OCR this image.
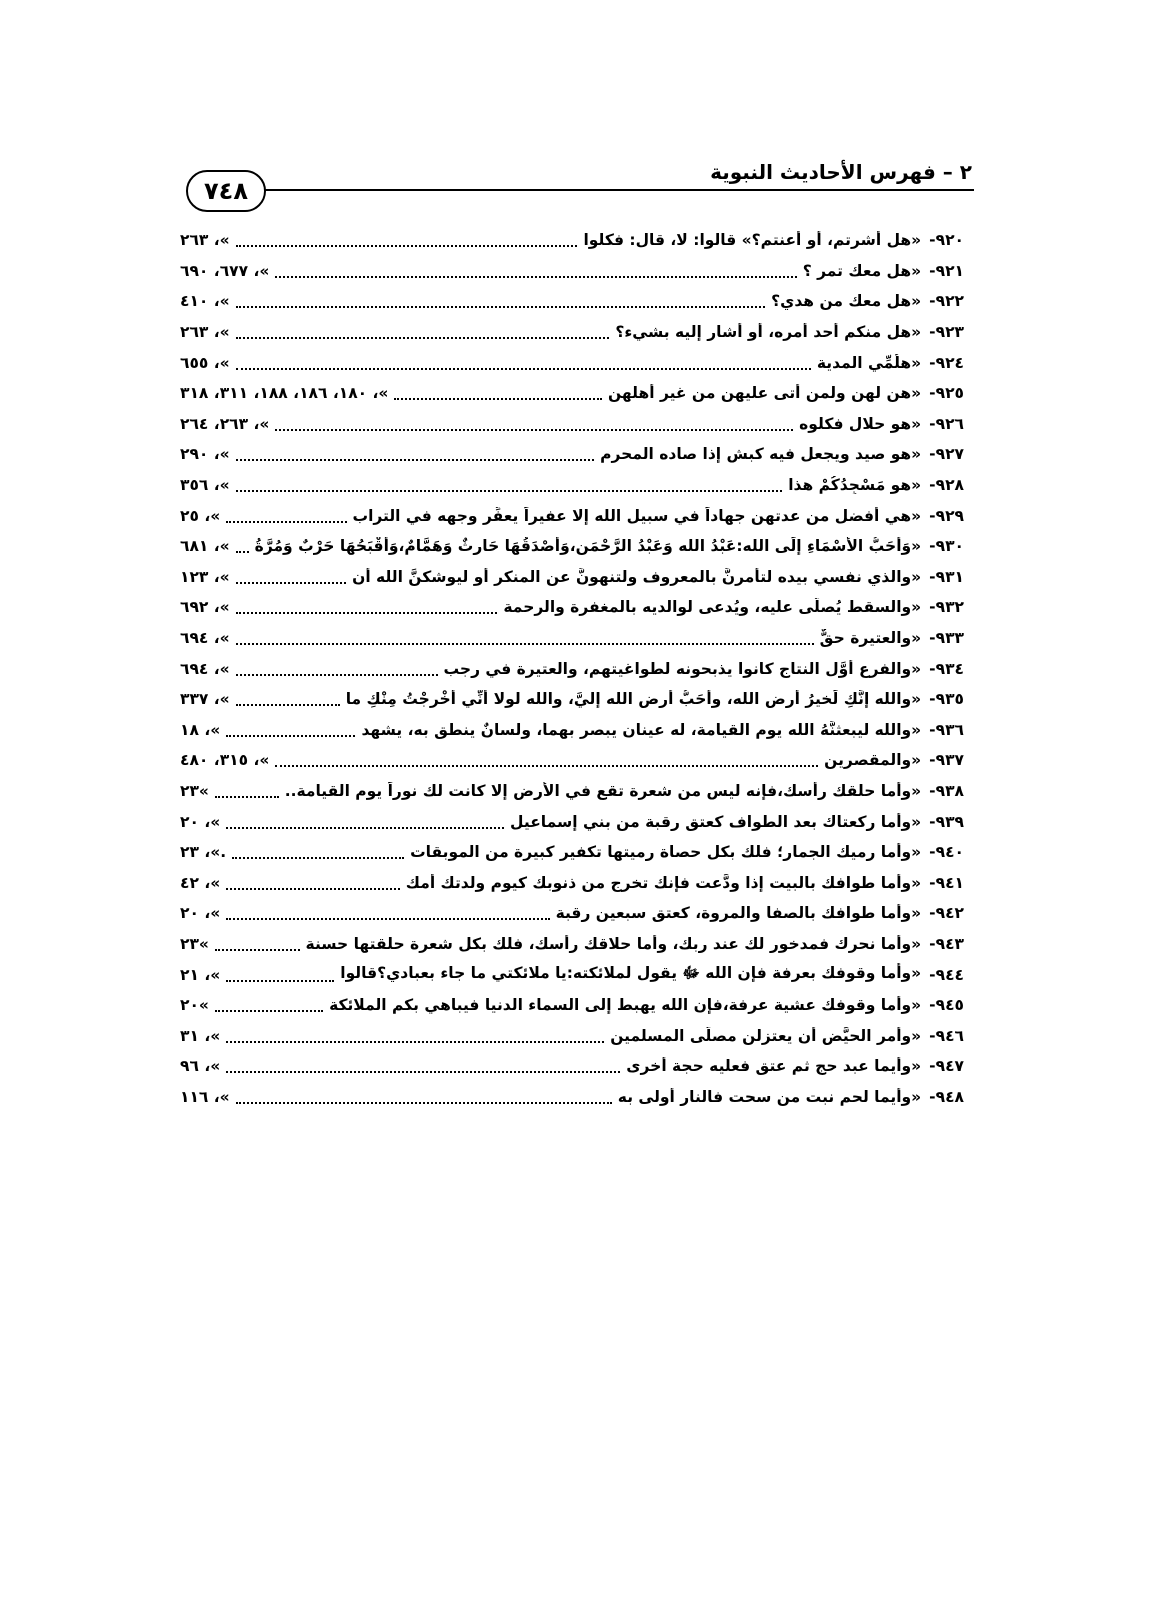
٢ – فهرس الأحاديث النبوية
٧٤٨
٩٢٠-
«هل أشرتم، أو أعنتم؟» قالوا: لا، قال: فكلوا
»، ٢٦٣
٩٢١-
«هل معك تمر ؟
»، ٦٧٧، ٦٩٠
٩٢٢-
«هل معك من هدي؟
»، ٤١٠
٩٢٣-
«هل منكم أحد أمره، أو أشار إليه بشيء؟
»، ٢٦٣
٩٢٤-
«هلُمِّي المدية
»، ٦٥٥
٩٢٥-
«هن لهن ولمن أتى عليهن من غير أهلهن
»، ١٨٠، ١٨٦، ١٨٨، ٣١١، ٣١٨
٩٢٦-
«هو حلال فكلوه
»، ٢٦٣، ٢٦٤
٩٢٧-
«هو صيد ويجعل فيه كبش إذا صاده المحرم
»، ٢٩٠
٩٢٨-
«هو مَسْجِدُكُمْ هذا
»، ٣٥٦
٩٢٩-
«هي أفضل من عدتهن جهاداً في سبيل الله إلا عفيراً يعفِّر وجهه في التراب
»، ٢٥
٩٣٠-
«وَأَحَبُّ الأَسْمَاءِ إِلَى الله:عَبْدُ الله وَعَبْدُ الرَّحْمَنِ،وَأَصْدَقُهَا حَارِثٌ وَهَمَّامٌ،وَأَقْبَحُهَا حَرْبٌ وَمُرَّةُ
»، ٦٨١
٩٣١-
«والذي نفسي بيده لتأمرنَّ بالمعروف ولتنهونَّ عن المنكر أو ليوشكنَّ الله أن
»، ١٢٣
٩٣٢-
«والسقط يُصلَّى عليه، ويُدعى لوالديه بالمغفرة والرحمة
»، ٦٩٢
٩٣٣-
«والعتيرة حقٌّ
»، ٦٩٤
٩٣٤-
«والفرع أوَّل النتاج كانوا يذبحونه لطواغيتهم، والعتيرة في رجب
»، ٦٩٤
٩٣٥-
«والله إنَّكِ لَخيرُ أرضِ الله، وأحَبُّ أرضِ الله إليَّ، والله لولا أنِّي أُخْرِجْتُ مِنْكِ ما
»، ٣٣٧
٩٣٦-
«والله ليبعثنَّهُ الله يوم القيامة، له عينان يبصر بهما، ولسانٌ ينطق به، يشهد
»، ١٨
٩٣٧-
«والمقصرين
»، ٣١٥، ٤٨٠
٩٣٨-
«وأما حلقك رأسك،فإنه ليس من شعرة تقع في الأرض إلا كانت لك نوراً يوم القيامة..
»٢٣
٩٣٩-
«وأما ركعتاك بعد الطواف كعتق رقبة من بني إسماعيل
»، ٢٠
٩٤٠-
«وأما رميك الجمار؛ فلك بكل حصاة رميتها تكفير كبيرة من الموبقات
.»، ٢٣
٩٤١-
«وأما طوافك بالبيت إذا ودَّعت فإنك تخرج من ذنوبك كيوم ولدتك أمك
»، ٤٢
٩٤٢-
«وأما طوافك بالصفا والمروة، كعتق سبعين رقبة
»، ٢٠
٩٤٣-
«وأما نحرك فمدخور لك عند ربك، وأما حلاقك رأسك، فلك بكل شعرة حلقتها حسنة
»٢٣
٩٤٤-
«وأما وقوفك بعرفة فإن الله ﷻ يقول لملائكته:يا ملائكتي ما جاء بعبادي؟قالوا
»، ٢١
٩٤٥-
«وأما وقوفك عشية عرفة،فإن الله يهبط إلى السماء الدنيا فيباهي بكم الملائكة
»٢٠
٩٤٦-
«وأمر الحيَّض أن يعتزلن مصلَّى المسلمين
»، ٣١
٩٤٧-
«وأيما عبد حج ثم عتق فعليه حجة أخرى
»، ٩٦
٩٤٨-
«وأيما لحم نبت من سحت فالنار أولى به
»، ١١٦
